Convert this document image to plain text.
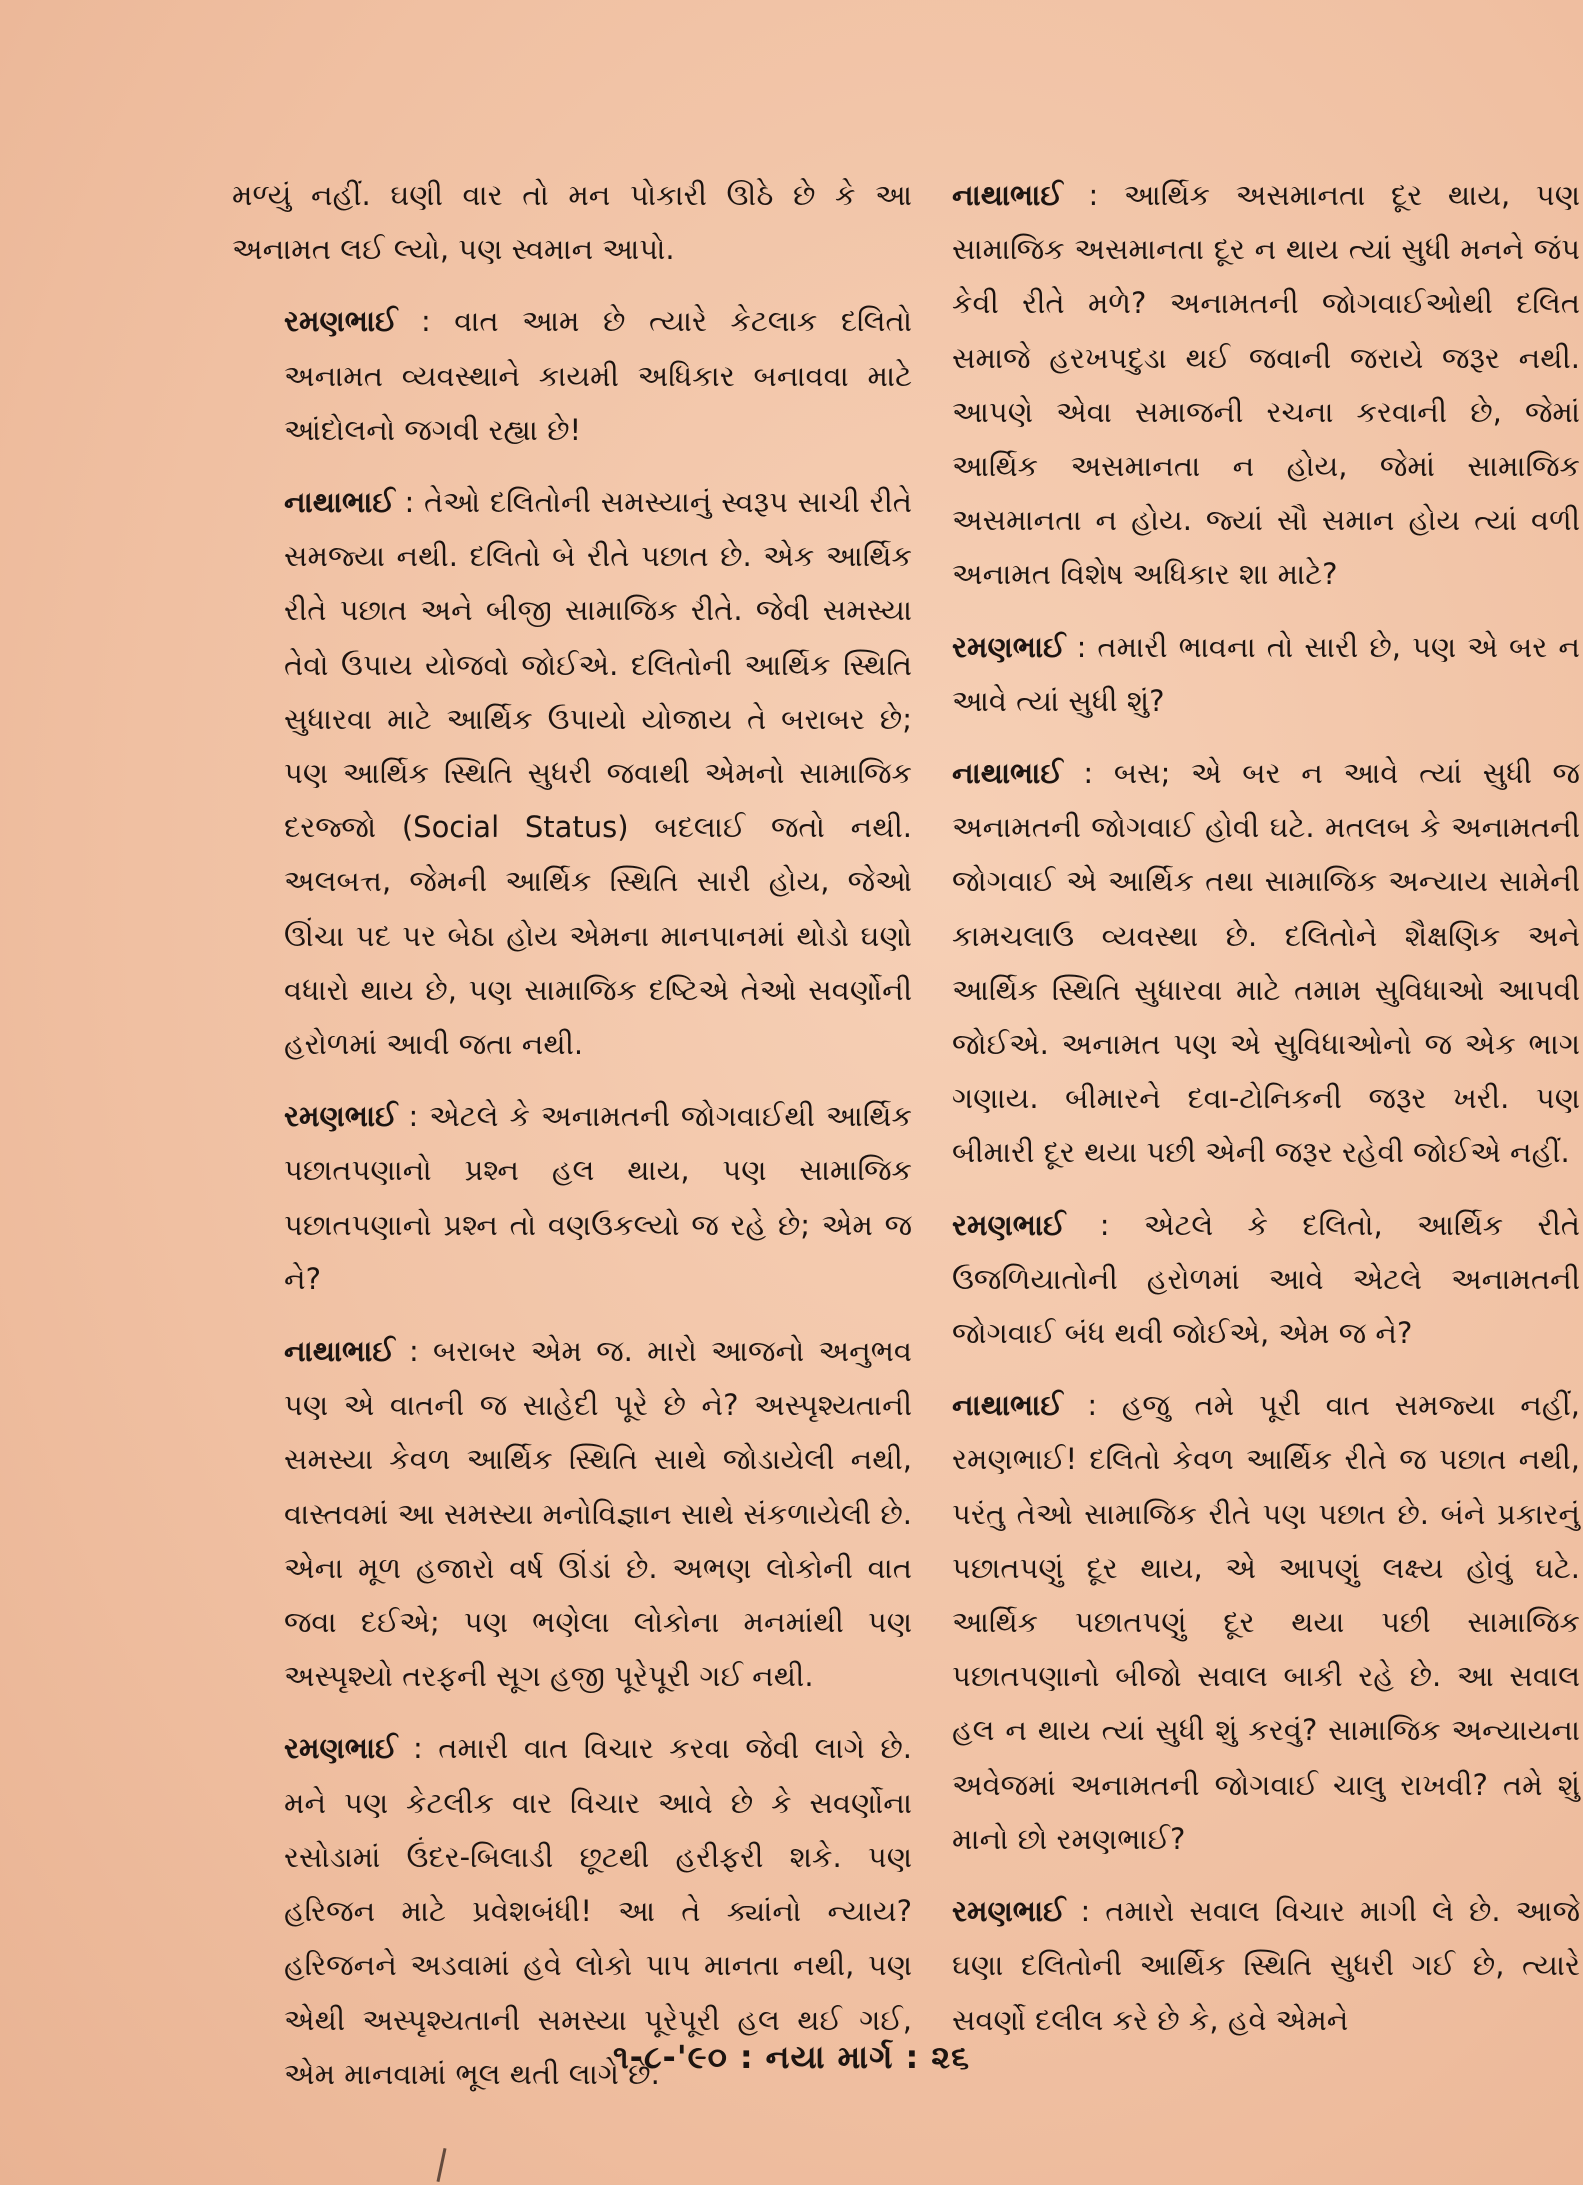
મળ્યું નહીં. ઘણી વાર તો મન પોકારી ઊઠે છે કે આ અનામત લઈ લ્યો, પણ સ્વમાન આપો.

રમણભાઈ : વાત આમ છે ત્યારે કેટલાક દલિતો અનામત વ્યવસ્થાને કાયમી અધિકાર બનાવવા માટે આંદોલનો જગવી રહ્યા છે!

નાથાભાઈ : તેઓ દલિતોની સમસ્યાનું સ્વરૂપ સાચી રીતે સમજ્યા નથી. દલિતો બે રીતે પછાત છે. એક આર્થિક રીતે પછાત અને બીજી સામાજિક રીતે. જેવી સમસ્યા તેવો ઉપાય યોજવો જોઈએ. દલિતોની આર્થિક સ્થિતિ સુધારવા માટે આર્થિક ઉપાયો યોજાય તે બરાબર છે; પણ આર્થિક સ્થિતિ સુધરી જવાથી એમનો સામાજિક દરજ્જો (Social Status) બદલાઈ જતો નથી. અલબત્ત, જેમની આર્થિક સ્થિતિ સારી હોય, જેઓ ઊંચા પદ પર બેઠા હોય એમના માનપાનમાં થોડો ઘણો વધારો થાય છે, પણ સામાજિક દષ્ટિએ તેઓ સવર્ણોની હરોળમાં આવી જતા નથી.

રમણભાઈ : એટલે કે અનામતની જોગવાઈથી આર્થિક પછાતપણાનો પ્રશ્ન હલ થાય, પણ સામાજિક પછાતપણાનો પ્રશ્ન તો વણઉકલ્યો જ રહે છે; એમ જ ને?

નાથાભાઈ : બરાબર એમ જ. મારો આજનો અનુભવ પણ એ વાતની જ સાહેદી પૂરે છે ને? અસ્પૃશ્યતાની સમસ્યા કેવળ આર્થિક સ્થિતિ સાથે જોડાયેલી નથી, વાસ્તવમાં આ સમસ્યા મનોવિજ્ઞાન સાથે સંકળાયેલી છે. એના મૂળ હજારો વર્ષ ઊંડાં છે. અભણ લોકોની વાત જવા દઈએ; પણ ભણેલા લોકોના મનમાંથી પણ અસ્પૃશ્યો તરફની સૂગ હજી પૂરેપૂરી ગઈ નથી.

રમણભાઈ : તમારી વાત વિચાર કરવા જેવી લાગે છે. મને પણ કેટલીક વાર વિચાર આવે છે કે સવર્ણોના રસોડામાં ઉંદર-બિલાડી છૂટથી હરીફરી શકે. પણ હરિજન માટે પ્રવેશબંધી! આ તે ક્યાંનો ન્યાય? હરિજનને અડવામાં હવે લોકો પાપ માનતા નથી, પણ એથી અસ્પૃશ્યતાની સમસ્યા પૂરેપૂરી હલ થઈ ગઈ, એમ માનવામાં ભૂલ થતી લાગે છે.

નાથાભાઈ : આર્થિક અસમાનતા દૂર થાય, પણ સામાજિક અસમાનતા દૂર ન થાય ત્યાં સુધી મનને જંપ કેવી રીતે મળે? અનામતની જોગવાઈઓથી દલિત સમાજે હરખપદુડા થઈ જવાની જરાયે જરૂર નથી. આપણે એવા સમાજની રચના કરવાની છે, જેમાં આર્થિક અસમાનતા ન હોય, જેમાં સામાજિક અસમાનતા ન હોય. જ્યાં સૌ સમાન હોય ત્યાં વળી અનામત વિશેષ અધિકાર શા માટે?

રમણભાઈ : તમારી ભાવના તો સારી છે, પણ એ બર ન આવે ત્યાં સુધી શું?

નાથાભાઈ : બસ; એ બર ન આવે ત્યાં સુધી જ અનામતની જોગવાઈ હોવી ઘટે. મતલબ કે અનામતની જોગવાઈ એ આર્થિક તથા સામાજિક અન્યાય સામેની કામચલાઉ વ્યવસ્થા છે. દલિતોને શૈક્ષણિક અને આર્થિક સ્થિતિ સુધારવા માટે તમામ સુવિધાઓ આપવી જોઈએ. અનામત પણ એ સુવિધાઓનો જ એક ભાગ ગણાય. બીમારને દવા-ટોનિકની જરૂર ખરી. પણ બીમારી દૂર થયા પછી એની જરૂર રહેવી જોઈએ નહીં.

રમણભાઈ : એટલે કે દલિતો, આર્થિક રીતે ઉજળિયાતોની હરોળમાં આવે એટલે અનામતની જોગવાઈ બંધ થવી જોઈએ, એમ જ ને?

નાથાભાઈ : હજુ તમે પૂરી વાત સમજ્યા નહીં, રમણભાઈ! દલિતો કેવળ આર્થિક રીતે જ પછાત નથી, પરંતુ તેઓ સામાજિક રીતે પણ પછાત છે. બંને પ્રકારનું પછાતપણું દૂર થાય, એ આપણું લક્ષ્ય હોવું ઘટે. આર્થિક પછાતપણું દૂર થયા પછી સામાજિક પછાતપણાનો બીજો સવાલ બાકી રહે છે. આ સવાલ હલ ન થાય ત્યાં સુધી શું કરવું? સામાજિક અન્યાયના અવેજમાં અનામતની જોગવાઈ ચાલુ રાખવી? તમે શું માનો છો રમણભાઈ?

રમણભાઈ : તમારો સવાલ વિચાર માગી લે છે. આજે ઘણા દલિતોની આર્થિક સ્થિતિ સુધરી ગઈ છે, ત્યારે સવર્ણો દલીલ કરે છે કે, હવે એમને

૧-૮-'૯૦ : નયા માર્ગ : ૨૬
